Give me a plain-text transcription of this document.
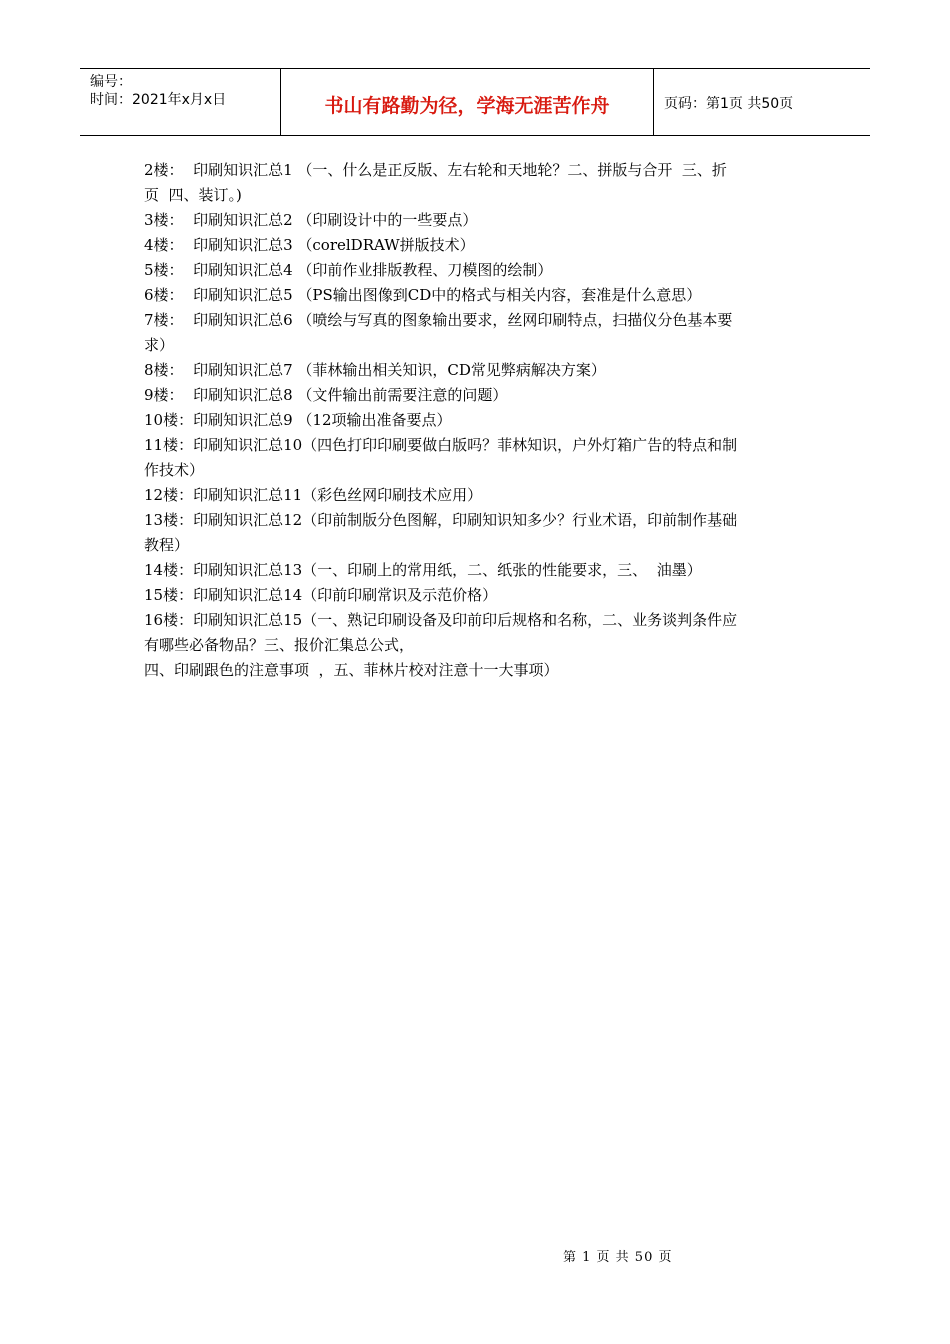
编号：
时间：2021年x月x日	书山有路勤为径，学海无涯苦作舟	页码：第1页 共50页

2楼：  印刷知识汇总1 （一、什么是正反版、左右轮和天地轮？二、拼版与合开  三、折

页  四、装订。)

3楼：  印刷知识汇总2 （印刷设计中的一些要点）

4楼：  印刷知识汇总3 （corelDRAW拼版技术）

5楼：  印刷知识汇总4 （印前作业排版教程、刀模图的绘制）

6楼：  印刷知识汇总5 （PS输出图像到CD中的格式与相关内容，套准是什么意思）

7楼：  印刷知识汇总6 （喷绘与写真的图象输出要求，丝网印刷特点，扫描仪分色基本要

求）

8楼：  印刷知识汇总7 （菲林输出相关知识，CD常见弊病解决方案）

9楼：  印刷知识汇总8 （文件输出前需要注意的问题）

10楼：印刷知识汇总9 （12项输出准备要点）

11楼：印刷知识汇总10（四色打印印刷要做白版吗？菲林知识，户外灯箱广告的特点和制

作技术）

12楼：印刷知识汇总11（彩色丝网印刷技术应用）

13楼：印刷知识汇总12（印前制版分色图解，印刷知识知多少？行业术语，印前制作基础

教程）

14楼：印刷知识汇总13（一、印刷上的常用纸，二、纸张的性能要求，三、  油墨）

15楼：印刷知识汇总14（印前印刷常识及示范价格）

16楼：印刷知识汇总15（一、熟记印刷设备及印前印后规格和名称，二、业务谈判条件应

有哪些必备物品？三、报价汇集总公式，

四、印刷跟色的注意事项  ，五、菲林片校对注意十一大事项）

第 1 页 共 50 页
